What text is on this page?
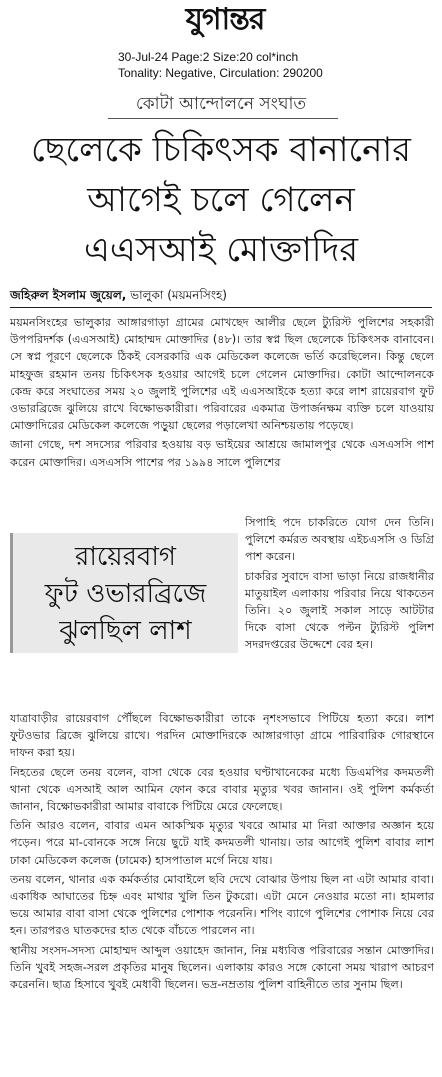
যুগান্তর
30-Jul-24 Page:2 Size:20 col*inch
Tonality: Negative, Circulation: 290200
কোটা আন্দোলনে সংঘাত
ছেলেকে চিকিৎসক বানানোর
আগেই চলে গেলেন
এএসআই মোক্তাদির
জহিরুল ইসলাম জুয়েল, ভালুকা (ময়মনসিংহ)

ময়মনসিংহের ভালুকার আঙ্গারগাড়া গ্রামের মোখছেদ আলীর ছেলে ট্যুরিস্ট পুলিশের সহকারী উপপরিদর্শক (এএসআই) মোহাম্মদ মোক্তাদির (৪৮)। তার স্বপ্ন ছিল ছেলেকে চিকিৎসক বানাবেন। সে স্বপ্ন পূরণে ছেলেকে ঠিকই বেসরকারি এক মেডিকেল কলেজে ভর্তি করেছিলেন। কিন্তু ছেলে মাহফুজ রহমান তনয় চিকিৎসক হওয়ার আগেই চলে গেলেন মোক্তাদির। কোটা আন্দোলনকে কেন্দ্র করে সংঘাতের সময় ২০ জুলাই পুলিশের এই এএসআইকে হত্যা করে লাশ রায়েরবাগ ফুট ওভারব্রিজে ঝুলিয়ে রাখে বিক্ষোভকারীরা। পরিবারের একমাত্র উপার্জনক্ষম ব্যক্তি চলে যাওয়ায় মোক্তাদিরের মেডিকেল কলেজে পড়ুয়া ছেলের পড়ালেখা অনিশ্চয়তায় পড়েছে।

জানা গেছে, দশ সদস্যের পরিবার হওয়ায় বড় ভাইয়ের আশ্রয়ে জামালপুর থেকে এসএসসি পাশ করেন মোক্তাদির। এসএসসি পাশের পর ১৯৯৪ সালে পুলিশের

সিপাহি পদে চাকরিতে যোগ দেন তিনি। পুলিশে কর্মরত অবস্থায় এইচএসসি ও ডিগ্রি পাশ করেন।

চাকরির সুবাদে বাসা ভাড়া নিয়ে রাজধানীর মাতুয়াইল এলাকায় পরিবার নিয়ে থাকতেন তিনি। ২০ জুলাই সকাল সাড়ে আটটার দিকে বাসা থেকে পল্টন ট্যুরিস্ট পুলিশ সদরদপ্তরের উদ্দেশে বের হন।

রায়েরবাগ
ফুট ওভারব্রিজে
ঝুলছিল লাশ

যাত্রাবাড়ীর রায়েরবাগ পৌঁছলে বিক্ষোভকারীরা তাকে নৃশংসভাবে পিটিয়ে হত্যা করে। লাশ ফুটওভার ব্রিজে ঝুলিয়ে রাখে। পরদিন মোক্তাদিরকে আঙ্গারগাড়া গ্রামে পারিবারিক গোরস্থানে দাফন করা হয়।

নিহতের ছেলে তনয় বলেন, বাসা থেকে বের হওয়ার ঘণ্টাখানেকের মধ্যে ডিএমপির কদমতলী থানা থেকে এসআই আল আমিন ফোন করে বাবার মৃত্যুর খবর জানান। ওই পুলিশ কর্মকর্তা জানান, বিক্ষোভকারীরা আমার বাবাকে পিটিয়ে মেরে ফেলেছে।

তিনি আরও বলেন, বাবার এমন আকস্মিক মৃত্যুর খবরে আমার মা নিরা আক্তার অজ্ঞান হয়ে পড়েন। পরে মা-বোনকে সঙ্গে নিয়ে ছুটে যাই কদমতলী থানায়। তার আগেই পুলিশ বাবার লাশ ঢাকা মেডিকেল কলেজ (ঢামেক) হাসপাতাল মর্গে নিয়ে যায়।

তনয় বলেন, থানার এক কর্মকর্তার মোবাইলে ছবি দেখে বোঝার উপায় ছিল না এটা আমার বাবা। একাধিক আঘাতের চিহ্ন এবং মাথার খুলি তিন টুকরো। এটা মেনে নেওয়ার মতো না। হামলার ভয়ে আমার বাবা বাসা থেকে পুলিশের পোশাক পরেননি। শপিং ব্যাগে পুলিশের পোশাক নিয়ে বের হন। তারপরও ঘাতকদের হাত থেকে বাঁচতে পারলেন না।

স্থানীয় সংসদ-সদস্য মোহাম্মদ আব্দুল ওয়াহেদ জানান, নিম্ন মধ্যবিত্ত পরিবারের সন্তান মোক্তাদির। তিনি খুবই সহজ-সরল প্রকৃতির মানুষ ছিলেন। এলাকায় কারও সঙ্গে কোনো সময় খারাপ আচরণ করেননি। ছাত্র হিসাবে খুবই মেধাবী ছিলেন। ভদ্র-নম্রতায় পুলিশ বাহিনীতে তার সুনাম ছিল।
